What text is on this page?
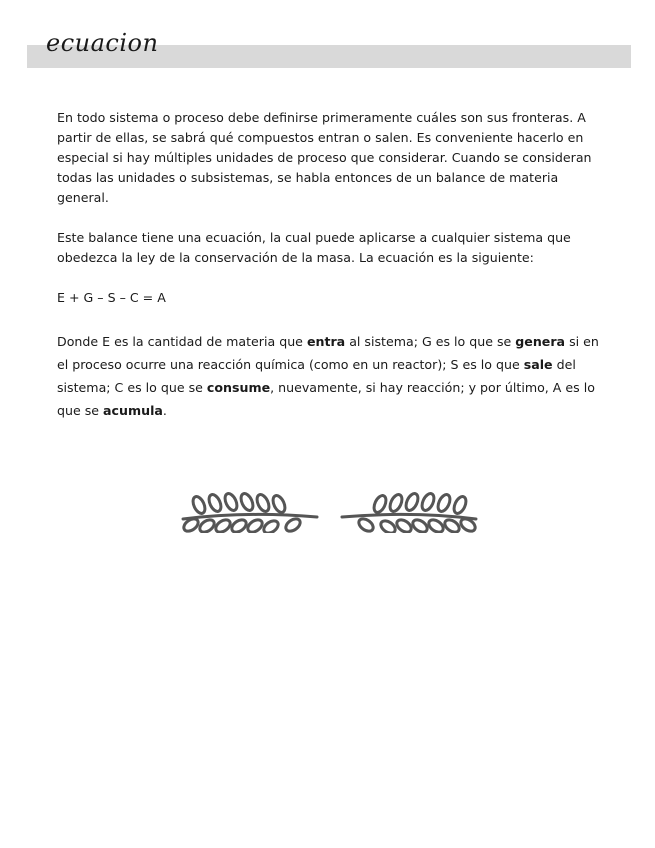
ecuacion

En todo sistema o proceso debe definirse primeramente cuáles son sus fronteras. A partir de ellas, se sabrá qué compuestos entran o salen. Es conveniente hacerlo en especial si hay múltiples unidades de proceso que considerar. Cuando se consideran todas las unidades o subsistemas, se habla entonces de un balance de materia general.

Este balance tiene una ecuación, la cual puede aplicarse a cualquier sistema que obedezca la ley de la conservación de la masa. La ecuación es la siguiente:

E + G – S – C = A

Donde E es la cantidad de materia que entra al sistema; G es lo que se genera si en el proceso ocurre una reacción química (como en un reactor); S es lo que sale del sistema; C es lo que se consume, nuevamente, si hay reacción; y por último, A es lo que se acumula.
